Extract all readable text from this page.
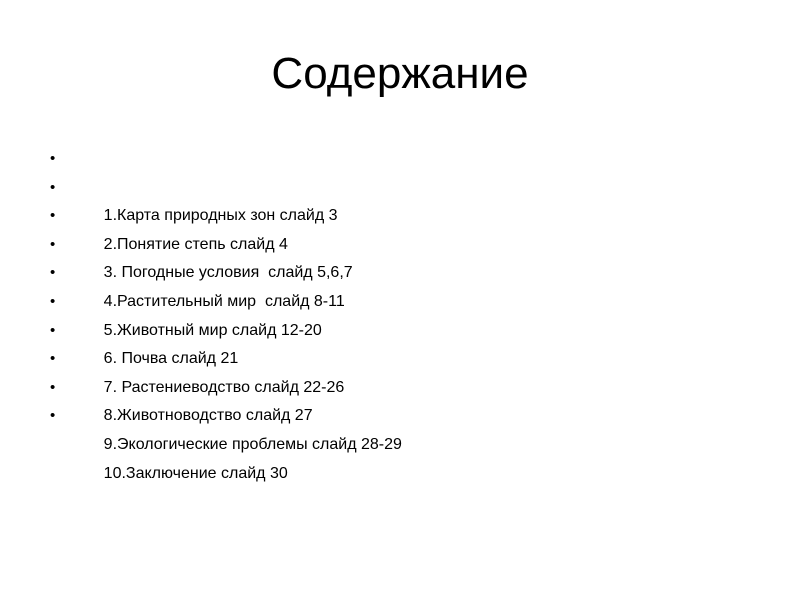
Содержание

•

1.Карта природных зон слайд 3

•

2.Понятие степь слайд 4

•

3. Погодные условия  слайд 5,6,7

•

4.Растительный мир  слайд 8-11

•

5.Животный мир слайд 12-20

•

6. Почва слайд 21

•

7. Растениеводство слайд 22-26

•

8.Животноводство слайд 27

•

9.Экологические проблемы слайд 28-29

•

10.Заключение слайд 30
